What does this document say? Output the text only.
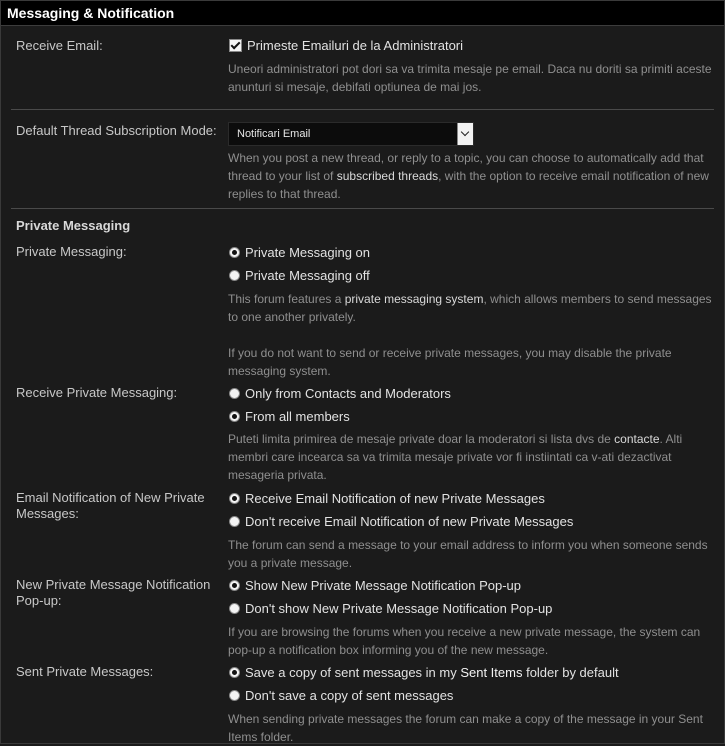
Messaging & Notification
Receive Email:	Primeste Emailuri de la Administratori
Uneori administratori pot dori sa va trimita mesaje pe email. Daca nu doriti sa primiti aceste anunturi si mesaje, debifati optiunea de mai jos.
Default Thread Subscription Mode:	Notificari Email
When you post a new thread, or reply to a topic, you can choose to automatically add that thread to your list of subscribed threads, with the option to receive email notification of new replies to that thread.
Private Messaging
Private Messaging:	Private Messaging on
Private Messaging off
This forum features a private messaging system, which allows members to send messages to one another privately.
If you do not want to send or receive private messages, you may disable the private messaging system.
Receive Private Messaging:	Only from Contacts and Moderators
From all members
Puteti limita primirea de mesaje private doar la moderatori si lista dvs de contacte. Alti membri care incearca sa va trimita mesaje private vor fi instiintati ca v-ati dezactivat mesageria privata.
Email Notification of New Private Messages:
Receive Email Notification of new Private Messages
Don't receive Email Notification of new Private Messages
The forum can send a message to your email address to inform you when someone sends you a private message.
New Private Message Notification Pop-up:
Show New Private Message Notification Pop-up
Don't show New Private Message Notification Pop-up
If you are browsing the forums when you receive a new private message, the system can pop-up a notification box informing you of the new message.
Sent Private Messages:	Save a copy of sent messages in my Sent Items folder by default
Don't save a copy of sent messages
When sending private messages the forum can make a copy of the message in your Sent Items folder.
